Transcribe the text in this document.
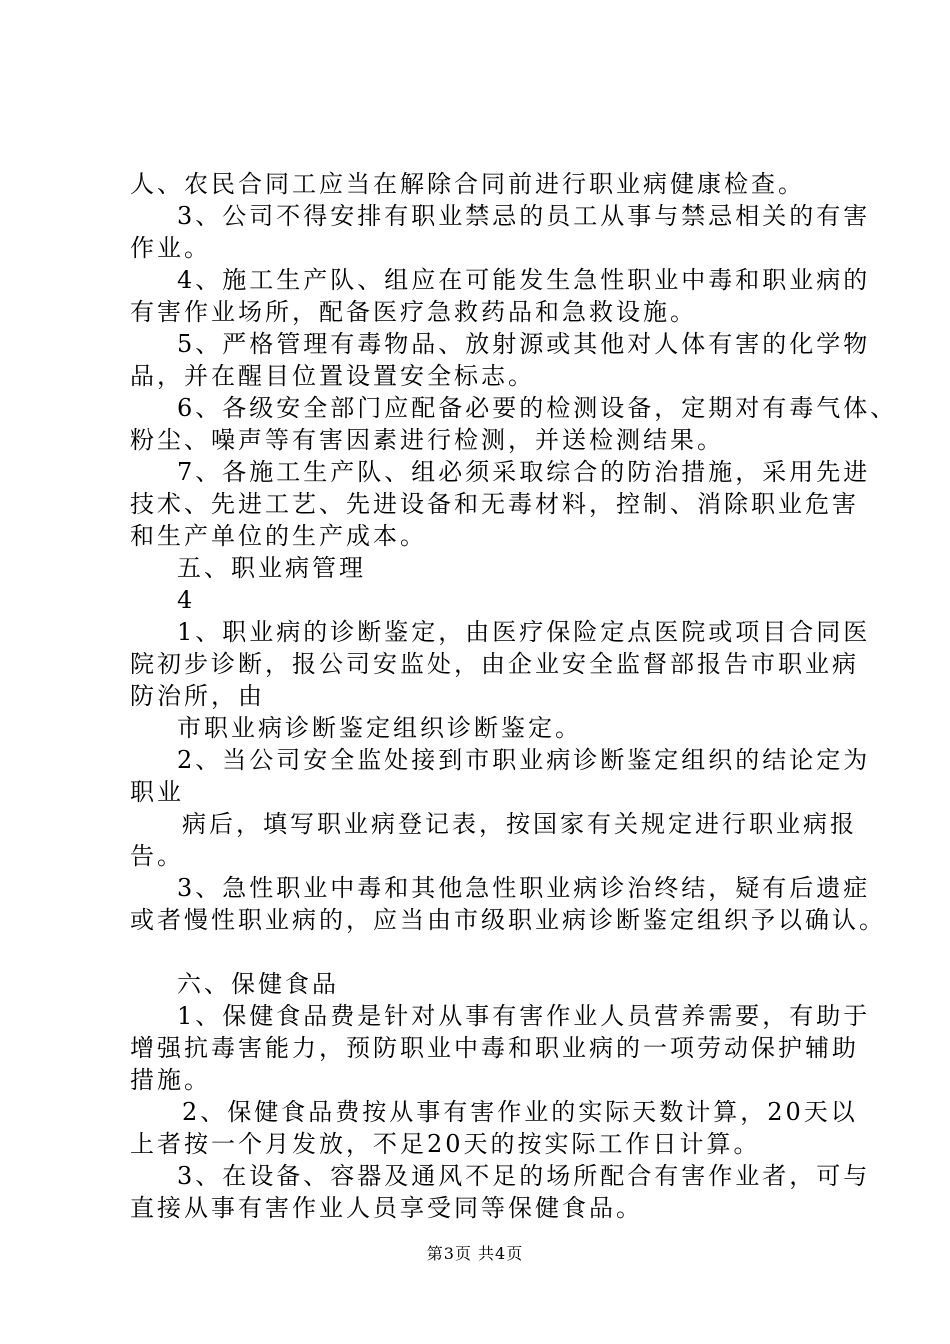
人、农民合同工应当在解除合同前进行职业病健康检查。
3、公司不得安排有职业禁忌的员工从事与禁忌相关的有害
作业。
4、施工生产队、组应在可能发生急性职业中毒和职业病的
有害作业场所，配备医疗急救药品和急救设施。
5、严格管理有毒物品、放射源或其他对人体有害的化学物
品，并在醒目位置设置安全标志。
6、各级安全部门应配备必要的检测设备，定期对有毒气体、
粉尘、噪声等有害因素进行检测，并送检测结果。
7、各施工生产队、组必须采取综合的防治措施，采用先进
技术、先进工艺、先进设备和无毒材料，控制、消除职业危害
和生产单位的生产成本。
五、职业病管理
4
1、职业病的诊断鉴定，由医疗保险定点医院或项目合同医
院初步诊断，报公司安监处，由企业安全监督部报告市职业病
防治所，由
市职业病诊断鉴定组织诊断鉴定。
2、当公司安全监处接到市职业病诊断鉴定组织的结论定为
职业
病后，填写职业病登记表，按国家有关规定进行职业病报
告。
3、急性职业中毒和其他急性职业病诊治终结，疑有后遗症
或者慢性职业病的，应当由市级职业病诊断鉴定组织予以确认。
六、保健食品
1、保健食品费是针对从事有害作业人员营养需要，有助于
增强抗毒害能力，预防职业中毒和职业病的一项劳动保护辅助
措施。
2、保健食品费按从事有害作业的实际天数计算，20天以
上者按一个月发放，不足20天的按实际工作日计算。
3、在设备、容器及通风不足的场所配合有害作业者，可与
直接从事有害作业人员享受同等保健食品。
第3页 共4页
